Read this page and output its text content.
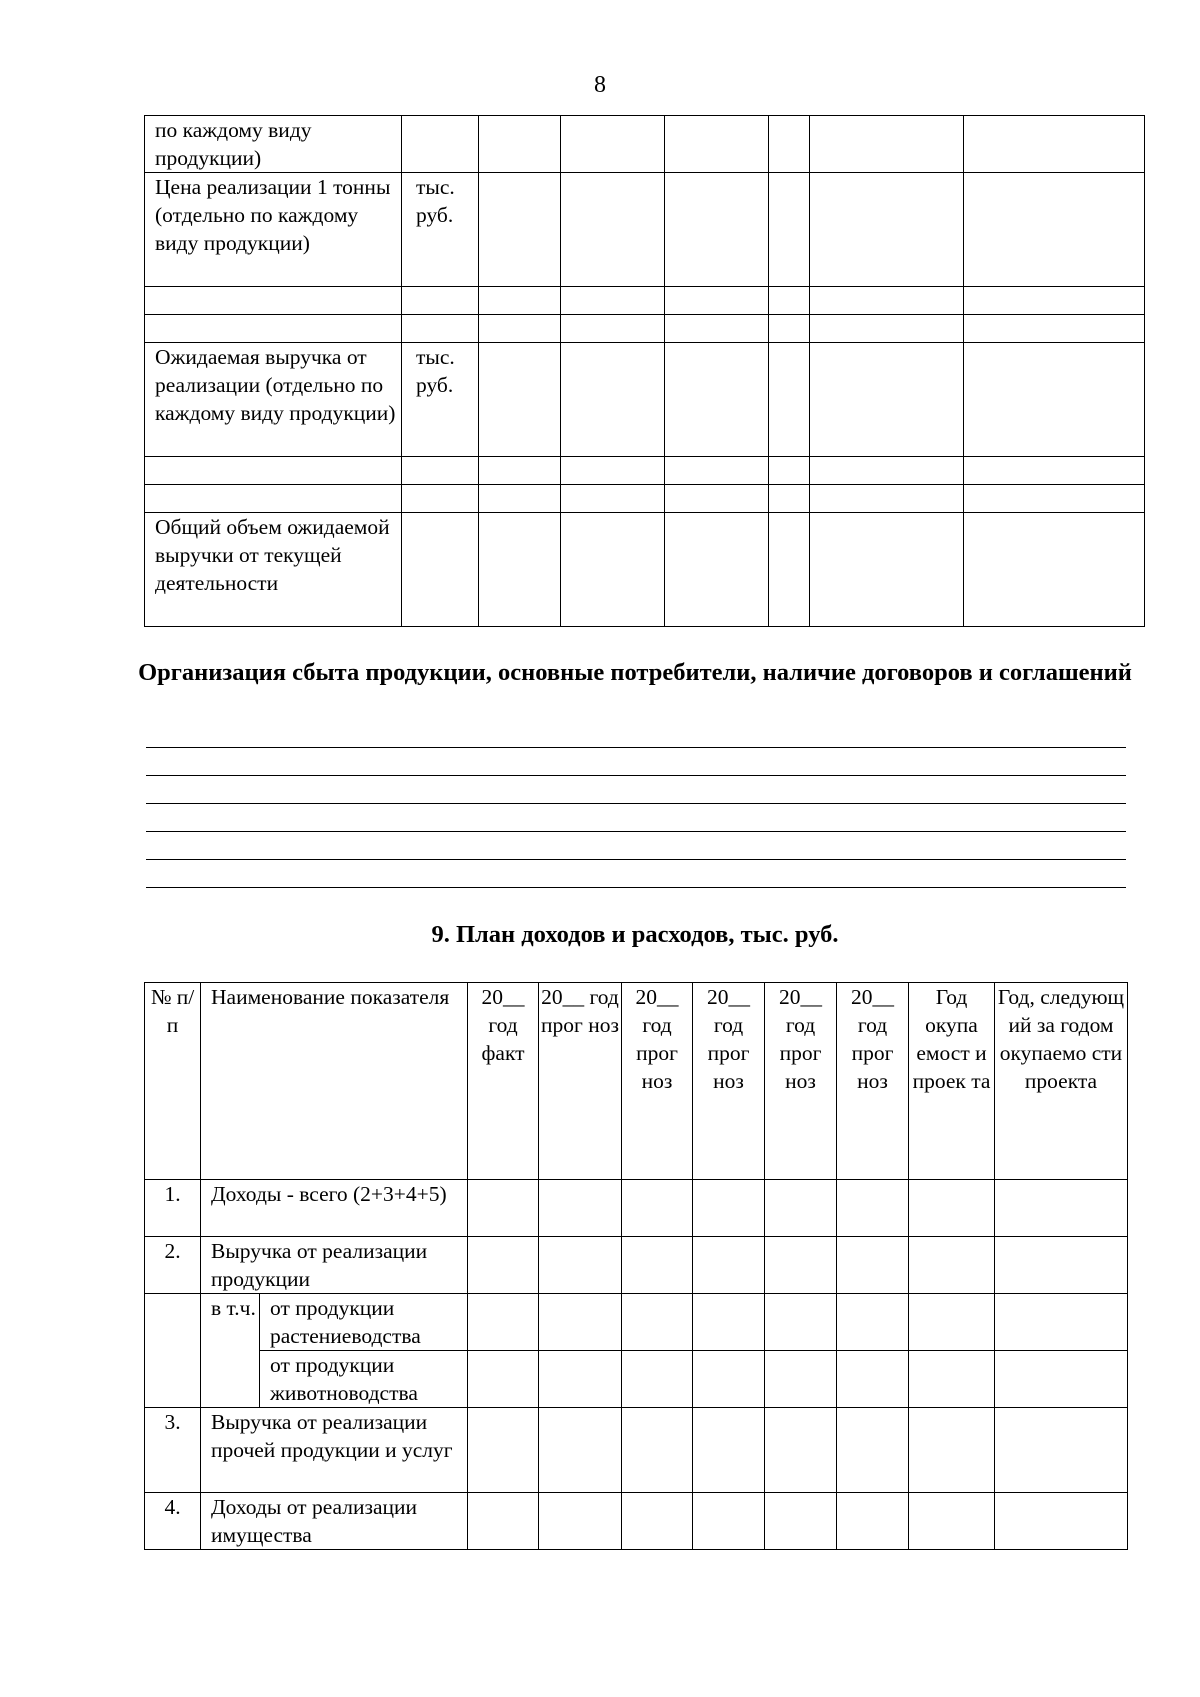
8
по каждому виду продукции)							
Цена реализации 1 тонны (отдельно по каждому виду продукции)	тыс. руб.						

Ожидаемая выручка от реализации (отдельно по каждому виду продукции)	тыс. руб.						

Общий объем ожидаемой выручки от текущей деятельности							
Организация сбыта продукции, основные потребители, наличие договоров и соглашений
9. План доходов и расходов, тыс. руб.
№ п/п	Наименование показателя		20__ год факт	20__ год прог ноз	20__ год прог ноз	20__ год прог ноз	20__ год прог ноз	20__ год прог ноз	Год окупа емост и проек та	Год, следующ ий за годом окупаемо сти проекта
1.	Доходы - всего (2+3+4+5)									
2.	Выручка от реализации продукции									
	в т.ч.	от продукции растениеводства								
		от продукции животноводства								
3.	Выручка от реализации прочей продукции и услуг									
4.	Доходы от реализации имущества									
